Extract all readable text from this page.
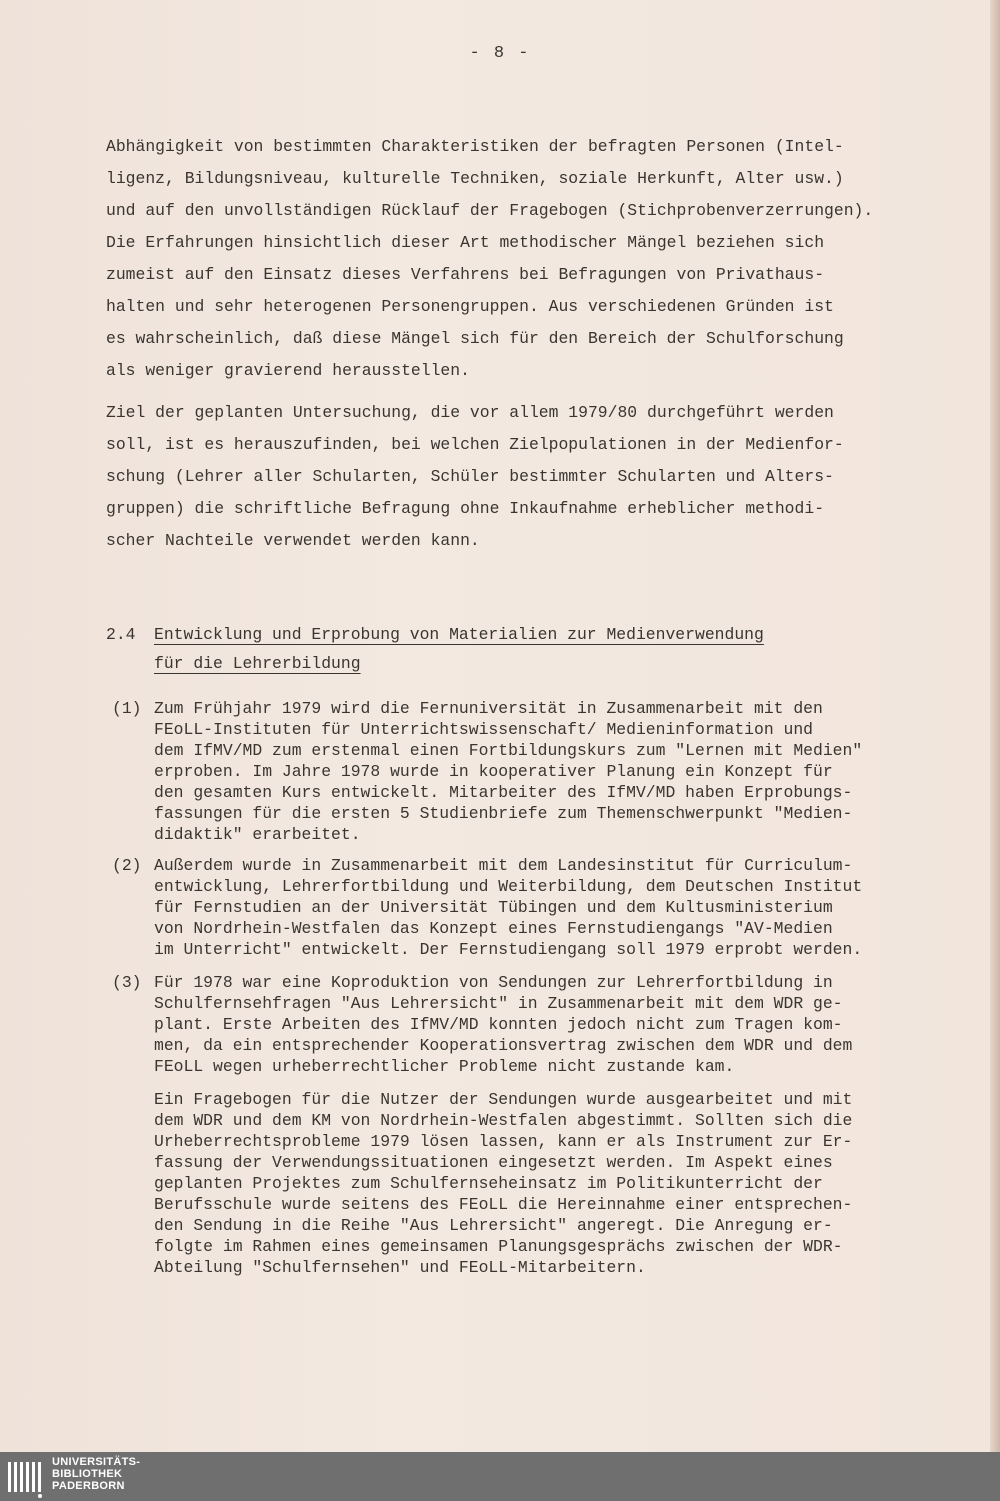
- 8 -

Abhängigkeit von bestimmten Charakteristiken der befragten Personen (Intel-
ligenz, Bildungsniveau, kulturelle Techniken, soziale Herkunft, Alter usw.)
und auf den unvollständigen Rücklauf der Fragebogen (Stichprobenverzerrungen).
Die Erfahrungen hinsichtlich dieser Art methodischer Mängel beziehen sich
zumeist auf den Einsatz dieses Verfahrens bei Befragungen von Privathaus-
halten und sehr heterogenen Personengruppen. Aus verschiedenen Gründen ist
es wahrscheinlich, daß diese Mängel sich für den Bereich der Schulforschung
als weniger gravierend herausstellen.

Ziel der geplanten Untersuchung, die vor allem 1979/80 durchgeführt werden
soll, ist es herauszufinden, bei welchen Zielpopulationen in der Medienfor-
schung (Lehrer aller Schularten, Schüler bestimmter Schularten und Alters-
gruppen) die schriftliche Befragung ohne Inkaufnahme erheblicher methodi-
scher Nachteile verwendet werden kann.

2.4 Entwicklung und Erprobung von Materialien zur Medienverwendung
für die Lehrerbildung
(1) Zum Frühjahr 1979 wird die Fernuniversität in Zusammenarbeit mit den
FEoLL-Instituten für Unterrichtswissenschaft/ Medieninformation und
dem IfMV/MD zum erstenmal einen Fortbildungskurs zum "Lernen mit Medien"
erproben. Im Jahre 1978 wurde in kooperativer Planung ein Konzept für
den gesamten Kurs entwickelt. Mitarbeiter des IfMV/MD haben Erprobungs-
fassungen für die ersten 5 Studienbriefe zum Themenschwerpunkt "Medien-
didaktik" erarbeitet.
(2) Außerdem wurde in Zusammenarbeit mit dem Landesinstitut für Curriculum-
entwicklung, Lehrerfortbildung und Weiterbildung, dem Deutschen Institut
für Fernstudien an der Universität Tübingen und dem Kultusministerium
von Nordrhein-Westfalen das Konzept eines Fernstudiengangs "AV-Medien
im Unterricht" entwickelt. Der Fernstudiengang soll 1979 erprobt werden.
(3) Für 1978 war eine Koproduktion von Sendungen zur Lehrerfortbildung in
Schulfernsehfragen "Aus Lehrersicht" in Zusammenarbeit mit dem WDR ge-
plant. Erste Arbeiten des IfMV/MD konnten jedoch nicht zum Tragen kom-
men, da ein entsprechender Kooperationsvertrag zwischen dem WDR und dem
FEoLL wegen urheberrechtlicher Probleme nicht zustande kam.
Ein Fragebogen für die Nutzer der Sendungen wurde ausgearbeitet und mit
dem WDR und dem KM von Nordrhein-Westfalen abgestimmt. Sollten sich die
Urheberrechtsprobleme 1979 lösen lassen, kann er als Instrument zur Er-
fassung der Verwendungssituationen eingesetzt werden. Im Aspekt eines
geplanten Projektes zum Schulfernseheinsatz im Politikunterricht der
Berufsschule wurde seitens des FEoLL die Hereinnahme einer entsprechen-
den Sendung in die Reihe "Aus Lehrersicht" angeregt. Die Anregung er-
folgte im Rahmen eines gemeinsamen Planungsgesprächs zwischen der WDR-
Abteilung "Schulfernsehen" und FEoLL-Mitarbeitern.
UNIVERSITÄTS-
BIBLIOTHEK
PADERBORN
